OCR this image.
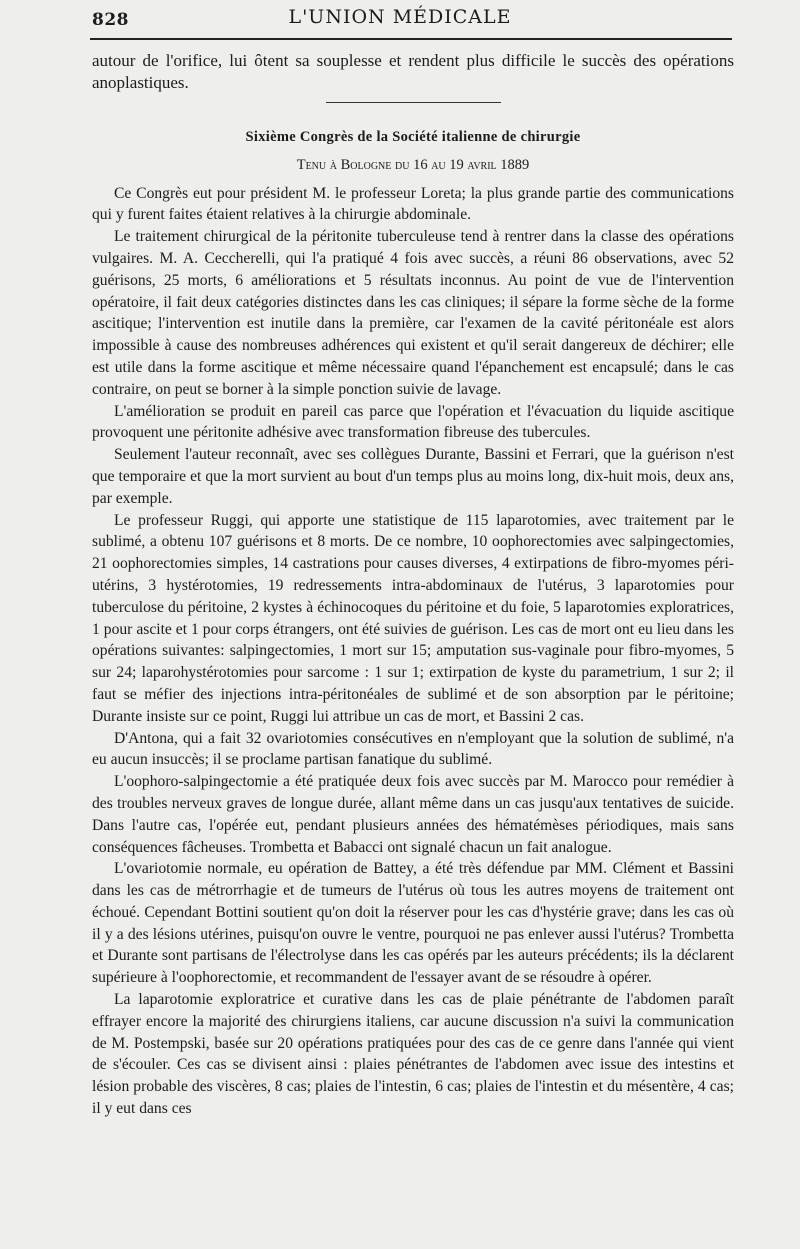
828	L'UNION MÉDICALE

autour de l'orifice, lui ôtent sa souplesse et rendent plus difficile le succès des opérations anoplastiques.

Sixième Congrès de la Société italienne de chirurgie

Tenu à Bologne du 16 au 19 avril 1889

Ce Congrès eut pour président M. le professeur Loreta; la plus grande partie des communications qui y furent faites étaient relatives à la chirurgie abdominale.

Le traitement chirurgical de la péritonite tuberculeuse tend à rentrer dans la classe des opérations vulgaires. M. A. Ceccherelli, qui l'a pratiqué 4 fois avec succès, a réuni 86 observations, avec 52 guérisons, 25 morts, 6 améliorations et 5 résultats inconnus. Au point de vue de l'intervention opératoire, il fait deux catégories distinctes dans les cas cliniques; il sépare la forme sèche de la forme ascitique; l'intervention est inutile dans la première, car l'examen de la cavité péritonéale est alors impossible à cause des nombreuses adhérences qui existent et qu'il serait dangereux de déchirer; elle est utile dans la forme ascitique et même nécessaire quand l'épanchement est encapsulé; dans le cas contraire, on peut se borner à la simple ponction suivie de lavage.

L'amélioration se produit en pareil cas parce que l'opération et l'évacuation du liquide ascitique provoquent une péritonite adhésive avec transformation fibreuse des tubercules.

Seulement l'auteur reconnaît, avec ses collègues Durante, Bassini et Ferrari, que la guérison n'est que temporaire et que la mort survient au bout d'un temps plus au moins long, dix-huit mois, deux ans, par exemple.

Le professeur Ruggi, qui apporte une statistique de 115 laparotomies, avec traitement par le sublimé, a obtenu 107 guérisons et 8 morts. De ce nombre, 10 oophorectomies avec salpingectomies, 21 oophorectomies simples, 14 castrations pour causes diverses, 4 extirpations de fibro-myomes péri-utérins, 3 hystérotomies, 19 redressements intra-abdominaux de l'utérus, 3 laparotomies pour tuberculose du péritoine, 2 kystes à échinocoques du péritoine et du foie, 5 laparotomies exploratrices, 1 pour ascite et 1 pour corps étrangers, ont été suivies de guérison. Les cas de mort ont eu lieu dans les opérations suivantes: salpingectomies, 1 mort sur 15; amputation sus-vaginale pour fibro-myomes, 5 sur 24; laparohystérotomies pour sarcome : 1 sur 1; extirpation de kyste du parametrium, 1 sur 2; il faut se méfier des injections intra-péritonéales de sublimé et de son absorption par le péritoine; Durante insiste sur ce point, Ruggi lui attribue un cas de mort, et Bassini 2 cas.

D'Antona, qui a fait 32 ovariotomies consécutives en n'employant que la solution de sublimé, n'a eu aucun insuccès; il se proclame partisan fanatique du sublimé.

L'oophoro-salpingectomie a été pratiquée deux fois avec succès par M. Marocco pour remédier à des troubles nerveux graves de longue durée, allant même dans un cas jusqu'aux tentatives de suicide. Dans l'autre cas, l'opérée eut, pendant plusieurs années des hématémèses périodiques, mais sans conséquences fâcheuses. Trombetta et Babacci ont signalé chacun un fait analogue.

L'ovariotomie normale, eu opération de Battey, a été très défendue par MM. Clément et Bassini dans les cas de métrorrhagie et de tumeurs de l'utérus où tous les autres moyens de traitement ont échoué. Cependant Bottini soutient qu'on doit la réserver pour les cas d'hystérie grave; dans les cas où il y a des lésions utérines, puisqu'on ouvre le ventre, pourquoi ne pas enlever aussi l'utérus? Trombetta et Durante sont partisans de l'électrolyse dans les cas opérés par les auteurs précédents; ils la déclarent supérieure à l'oophorectomie, et recommandent de l'essayer avant de se résoudre à opérer.

La laparotomie exploratrice et curative dans les cas de plaie pénétrante de l'abdomen paraît effrayer encore la majorité des chirurgiens italiens, car aucune discussion n'a suivi la communication de M. Postempski, basée sur 20 opérations pratiquées pour des cas de ce genre dans l'année qui vient de s'écouler. Ces cas se divisent ainsi : plaies pénétrantes de l'abdomen avec issue des intestins et lésion probable des viscères, 8 cas; plaies de l'intestin, 6 cas; plaies de l'intestin et du mésentère, 4 cas; il y eut dans ces
